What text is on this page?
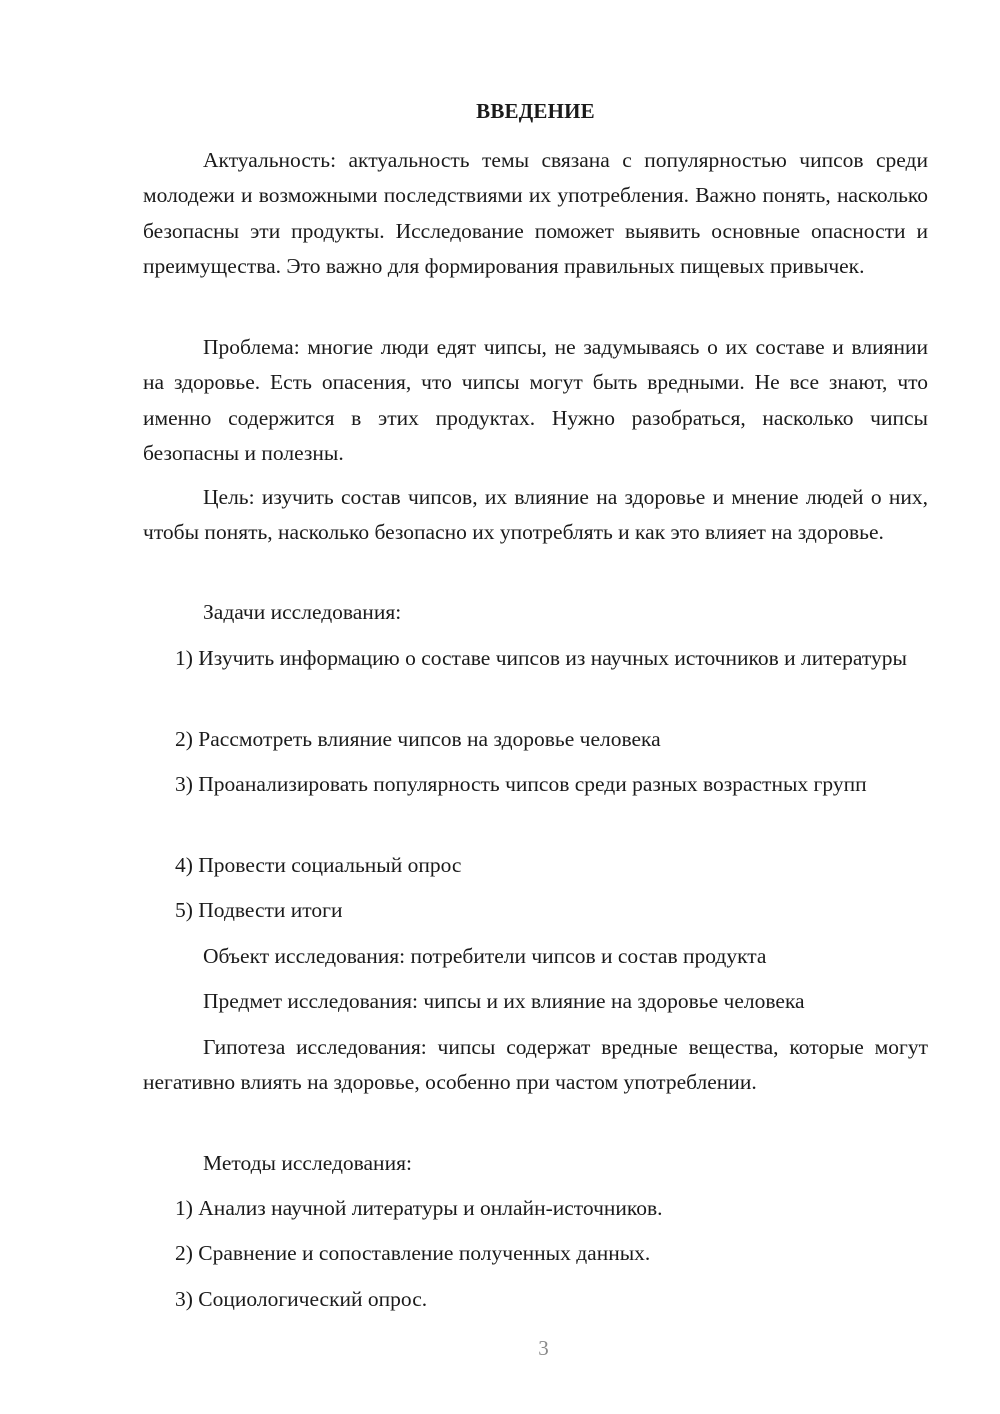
ВВЕДЕНИЕ

Актуальность: актуальность темы связана с популярностью чипсов среди молодежи и возможными последствиями их употребления. Важно понять, насколько безопасны эти продукты. Исследование поможет выявить основные опасности и преимущества. Это важно для формирования правильных пищевых привычек.

Проблема: многие люди едят чипсы, не задумываясь о их составе и влиянии на здоровье. Есть опасения, что чипсы могут быть вредными. Не все знают, что именно содержится в этих продуктах. Нужно разобраться, насколько чипсы безопасны и полезны.

Цель: изучить состав чипсов, их влияние на здоровье и мнение людей о них, чтобы понять, насколько безопасно их употреблять и как это влияет на здоровье.

Задачи исследования:

1) Изучить информацию о составе чипсов из научных источников и литературы

2) Рассмотреть влияние чипсов на здоровье человека

3) Проанализировать популярность чипсов среди разных возрастных групп

4) Провести социальный опрос

5) Подвести итоги

Объект исследования: потребители чипсов и состав продукта

Предмет исследования: чипсы и их влияние на здоровье человека

Гипотеза исследования: чипсы содержат вредные вещества, которые могут негативно влиять на здоровье, особенно при частом употреблении.

Методы исследования:

1) Анализ научной литературы и онлайн-источников.

2) Сравнение и сопоставление полученных данных.

3) Социологический опрос.

3
